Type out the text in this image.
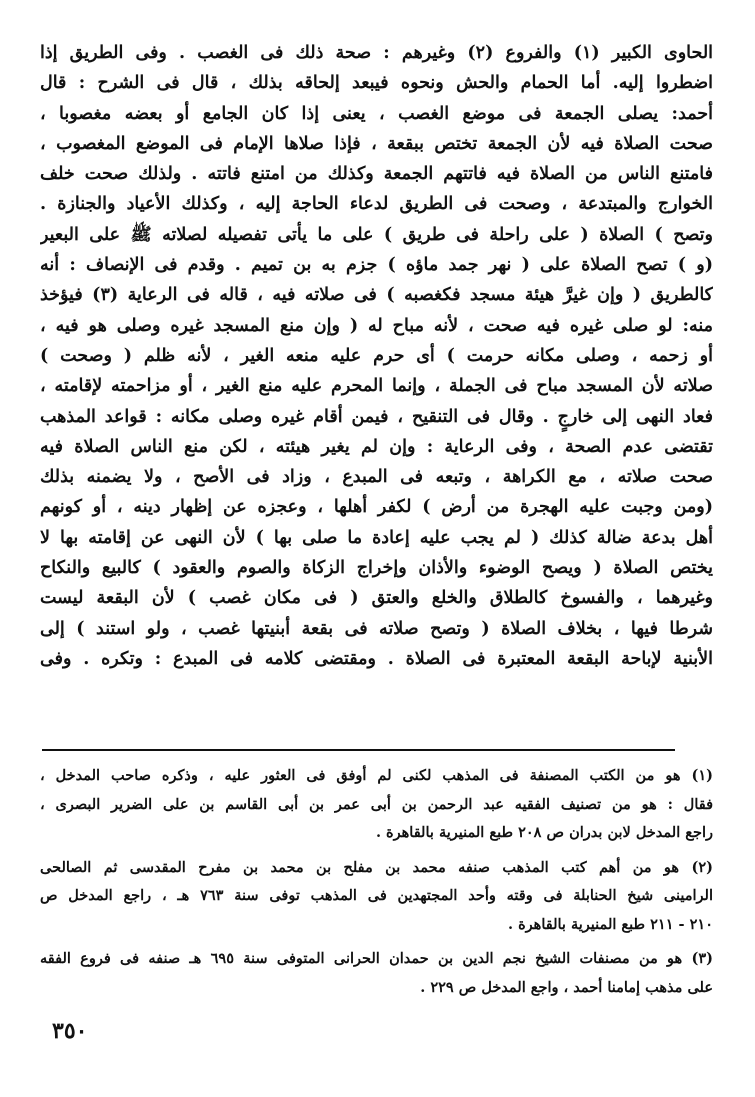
الحاوى الكبير (١) والفروع (٢) وغيرهم : صحة ذلك فى الغصب . وفى الطريق إذا
اضطروا إليه. أما الحمام والحش ونحوه فيبعد إلحاقه بذلك ، قال فى الشرح : قال
أحمد: يصلى الجمعة فى موضع الغصب ، يعنى إذا كان الجامع أو بعضه مغصوبا ،
صحت الصلاة فيه لأن الجمعة تختص ببقعة ، فإذا صلاها الإمام فى الموضع المغصوب ،
فامتنع الناس من الصلاة فيه فاتتهم الجمعة وكذلك من امتنع فاتته . ولذلك صحت خلف
الخوارج والمبتدعة ، وصحت فى الطريق لدعاء الحاجة إليه ، وكذلك الأعياد والجنازة .
وتصح ) الصلاة ( على راحلة فى طريق ) على ما يأتى تفصيله لصلاته ﷺ على البعير
(و ) تصح الصلاة على ( نهر جمد ماؤه ) جزم به بن تميم . وقدم فى الإنصاف : أنه
كالطريق ( وإن غيرَّ هيئة مسجد فكغصبه ) فى صلاته فيه ، قاله فى الرعاية (٣) فيؤخذ
منه: لو صلى غيره فيه صحت ، لأنه مباح له ( وإن منع المسجد غيره وصلى هو فيه ،
أو زحمه ، وصلى مكانه حرمت ) أى حرم عليه منعه الغير ، لأنه ظلم ( وصحت )
صلاته لأن المسجد مباح فى الجملة ، وإنما المحرم عليه منع الغير ، أو مزاحمته لإقامته ،
فعاد النهى إلى خارجٍ . وقال فى التنقيح ، فيمن أقام غيره وصلى مكانه : قواعد المذهب
تقتضى عدم الصحة ، وفى الرعاية : وإن لم يغير هيئته ، لكن منع الناس الصلاة فيه
صحت صلاته ، مع الكراهة ، وتبعه فى المبدع ، وزاد فى الأصح ، ولا يضمنه بذلك
(ومن وجبت عليه الهجرة من أرض ) لكفر أهلها ، وعجزه عن إظهار دينه ، أو كونهم
أهل بدعة ضالة كذلك ( لم يجب عليه إعادة ما صلى بها ) لأن النهى عن إقامته بها لا
يختص الصلاة ( ويصح الوضوء والأذان وإخراج الزكاة والصوم والعقود ) كالبيع والنكاح
وغيرهما ، والفسوخ كالطلاق والخلع والعتق ( فى مكان غصب ) لأن البقعة ليست
شرطا فيها ، بخلاف الصلاة ( وتصح صلاته فى بقعة أبنيتها غصب ، ولو استند ) إلى
الأبنية لإباحة البقعة المعتبرة فى الصلاة . ومقتضى كلامه فى المبدع : وتكره . وفى
(١) هو من الكتب المصنفة فى المذهب لكنى لم أوفق فى العثور عليه ، وذكره صاحب المدخل ،
فقال : هو من تصنيف الفقيه عبد الرحمن بن أبى عمر بن أبى القاسم بن على الضرير البصرى ،
راجع المدخل لابن بدران ص ٢٠٨ طبع المنيرية بالقاهرة .
(٢) هو من أهم كتب المذهب صنفه محمد بن مفلح بن محمد بن مفرح المقدسى ثم الصالحى
الرامينى شيخ الحنابلة فى وقته وأحد المجتهدين فى المذهب توفى سنة ٧٦٣ هـ ، راجع المدخل ص
٢١٠ - ٢١١ طبع المنيرية بالقاهرة .
(٣) هو من مصنفات الشيخ نجم الدين بن حمدان الحرانى المتوفى سنة ٦٩٥ هـ صنفه فى فروع الفقه
على مذهب إمامنا أحمد ، واجع المدخل ص ٢٢٩ .
٣٥٠
